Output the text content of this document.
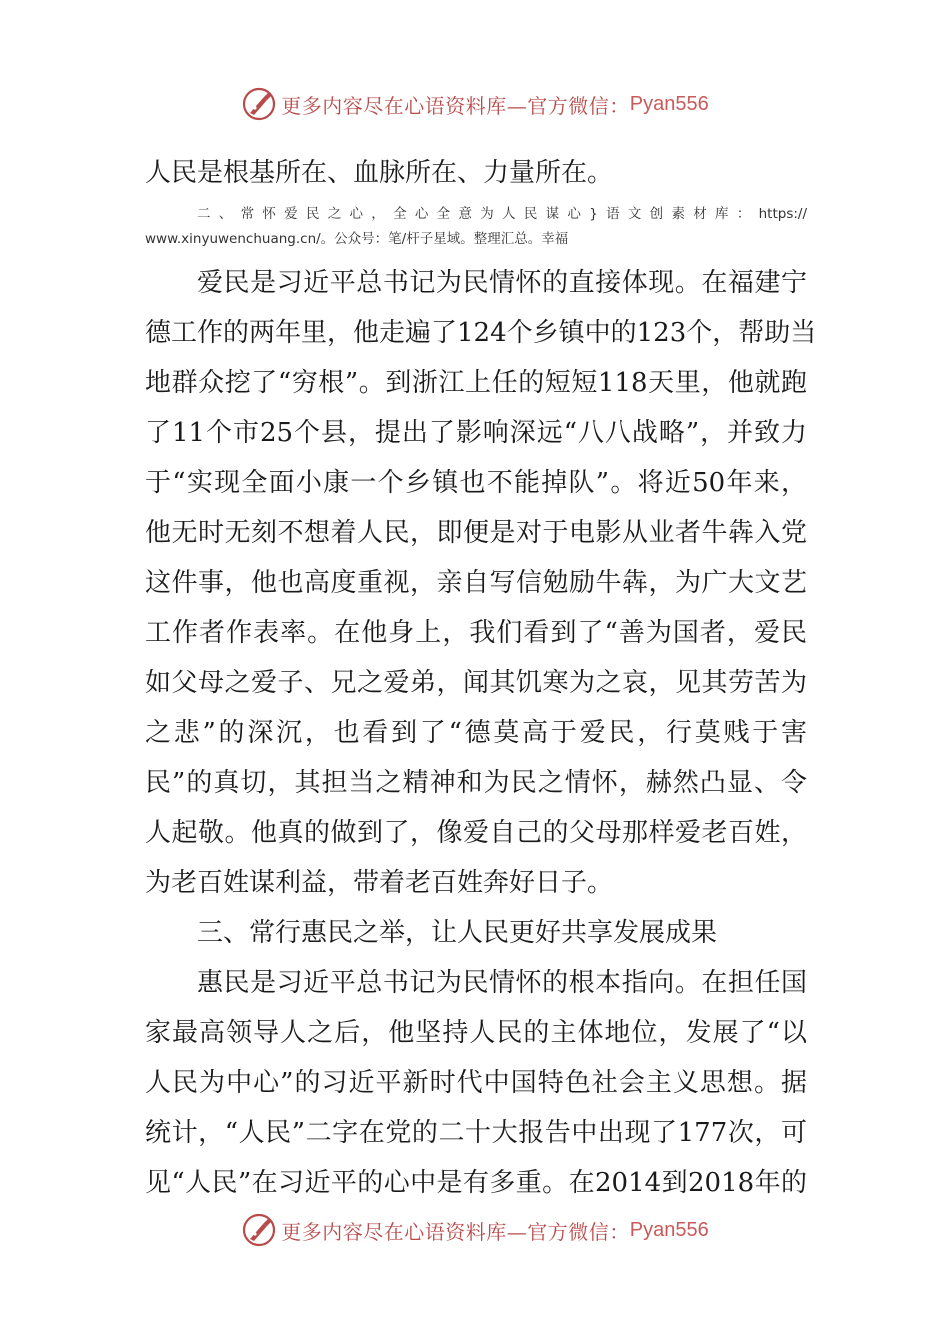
更多内容尽在心语资料库—官方微信： Pyan556
人民是根基所在、血脉所在、力量所在。
二、常怀爱民之心，全心全意为人民谋心}语文创素材库：https://
www.xinyuwenchuang.cn/。公众号：笔/杆子星域。整理汇总。幸福
爱民是习近平总书记为民情怀的直接体现。在福建宁
德工作的两年里，他走遍了124个乡镇中的123个，帮助当
地群众挖了“穷根”。到浙江上任的短短118天里，他就跑
了11个市25个县，提出了影响深远“八八战略”，并致力
于“实现全面小康一个乡镇也不能掉队”。将近50年来，
他无时无刻不想着人民，即便是对于电影从业者牛犇入党
这件事，他也高度重视，亲自写信勉励牛犇，为广大文艺
工作者作表率。在他身上，我们看到了“善为国者，爱民
如父母之爱子、兄之爱弟，闻其饥寒为之哀，见其劳苦为
之悲”的深沉，也看到了“德莫高于爱民，行莫贱于害
民”的真切，其担当之精神和为民之情怀，赫然凸显、令
人起敬。他真的做到了，像爱自己的父母那样爱老百姓，
为老百姓谋利益，带着老百姓奔好日子。
三、常行惠民之举，让人民更好共享发展成果
惠民是习近平总书记为民情怀的根本指向。在担任国
家最高领导人之后，他坚持人民的主体地位，发展了“以
人民为中心”的习近平新时代中国特色社会主义思想。据
统计，“人民”二字在党的二十大报告中出现了177次，可
见“人民”在习近平的心中是有多重。在2014到2018年的
更多内容尽在心语资料库—官方微信： Pyan556
